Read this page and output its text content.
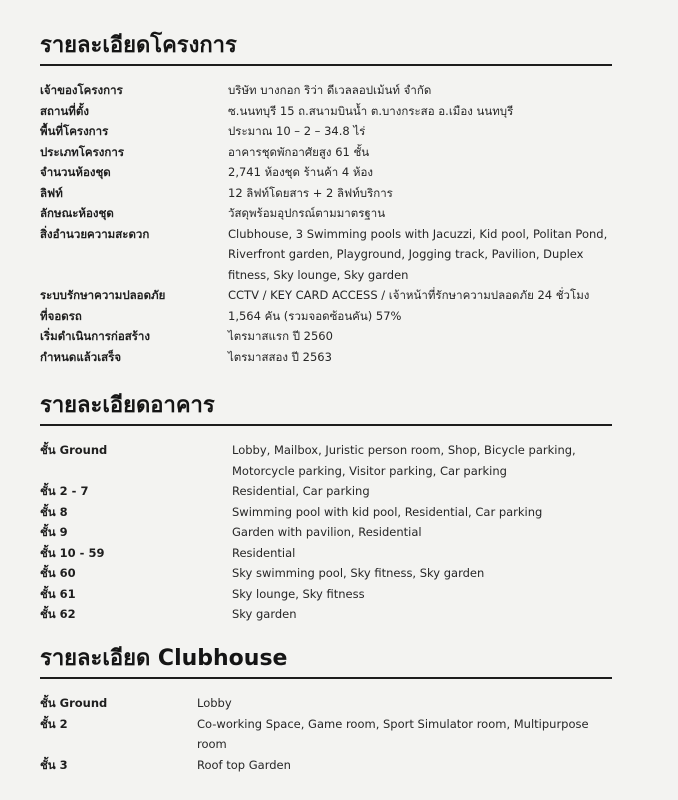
รายละเอียดโครงการ
เจ้าของโครงการ	บริษัท บางกอก ริว่า ดีเวลลอปเม้นท์ จำกัด
สถานที่ตั้ง	ซ.นนทบุรี 15 ถ.สนามบินน้ำ ต.บางกระสอ อ.เมือง นนทบุรี
พื้นที่โครงการ	ประมาณ 10 – 2 – 34.8 ไร่
ประเภทโครงการ	อาคารชุดพักอาศัยสูง 61 ชั้น
จำนวนห้องชุด	2,741 ห้องชุด ร้านค้า 4 ห้อง
ลิฟท์	12 ลิฟท์โดยสาร + 2 ลิฟท์บริการ
ลักษณะห้องชุด	วัสดุพร้อมอุปกรณ์ตามมาตรฐาน
สิ่งอำนวยความสะดวก	Clubhouse, 3 Swimming pools with Jacuzzi, Kid pool, Politan Pond, Riverfront garden, Playground, Jogging track, Pavilion, Duplex fitness, Sky lounge, Sky garden
ระบบรักษาความปลอดภัย	CCTV / KEY CARD ACCESS / เจ้าหน้าที่รักษาความปลอดภัย 24 ชั่วโมง
ที่จอดรถ	1,564 คัน (รวมจอดซ้อนคัน) 57%
เริ่มดำเนินการก่อสร้าง	ไตรมาสแรก ปี 2560
กำหนดแล้วเสร็จ	ไตรมาสสอง ปี 2563
รายละเอียดอาคาร
ชั้น Ground	Lobby, Mailbox, Juristic person room, Shop, Bicycle parking, Motorcycle parking, Visitor parking, Car parking
ชั้น 2 - 7	Residential, Car parking
ชั้น 8	Swimming pool with kid pool, Residential, Car parking
ชั้น 9	Garden with pavilion, Residential
ชั้น 10 - 59	Residential
ชั้น 60	Sky swimming pool, Sky fitness, Sky garden
ชั้น 61	Sky lounge, Sky fitness
ชั้น 62	Sky garden
รายละเอียด Clubhouse
ชั้น Ground	Lobby
ชั้น 2	Co-working Space, Game room, Sport Simulator room, Multipurpose room
ชั้น 3	Roof top Garden
